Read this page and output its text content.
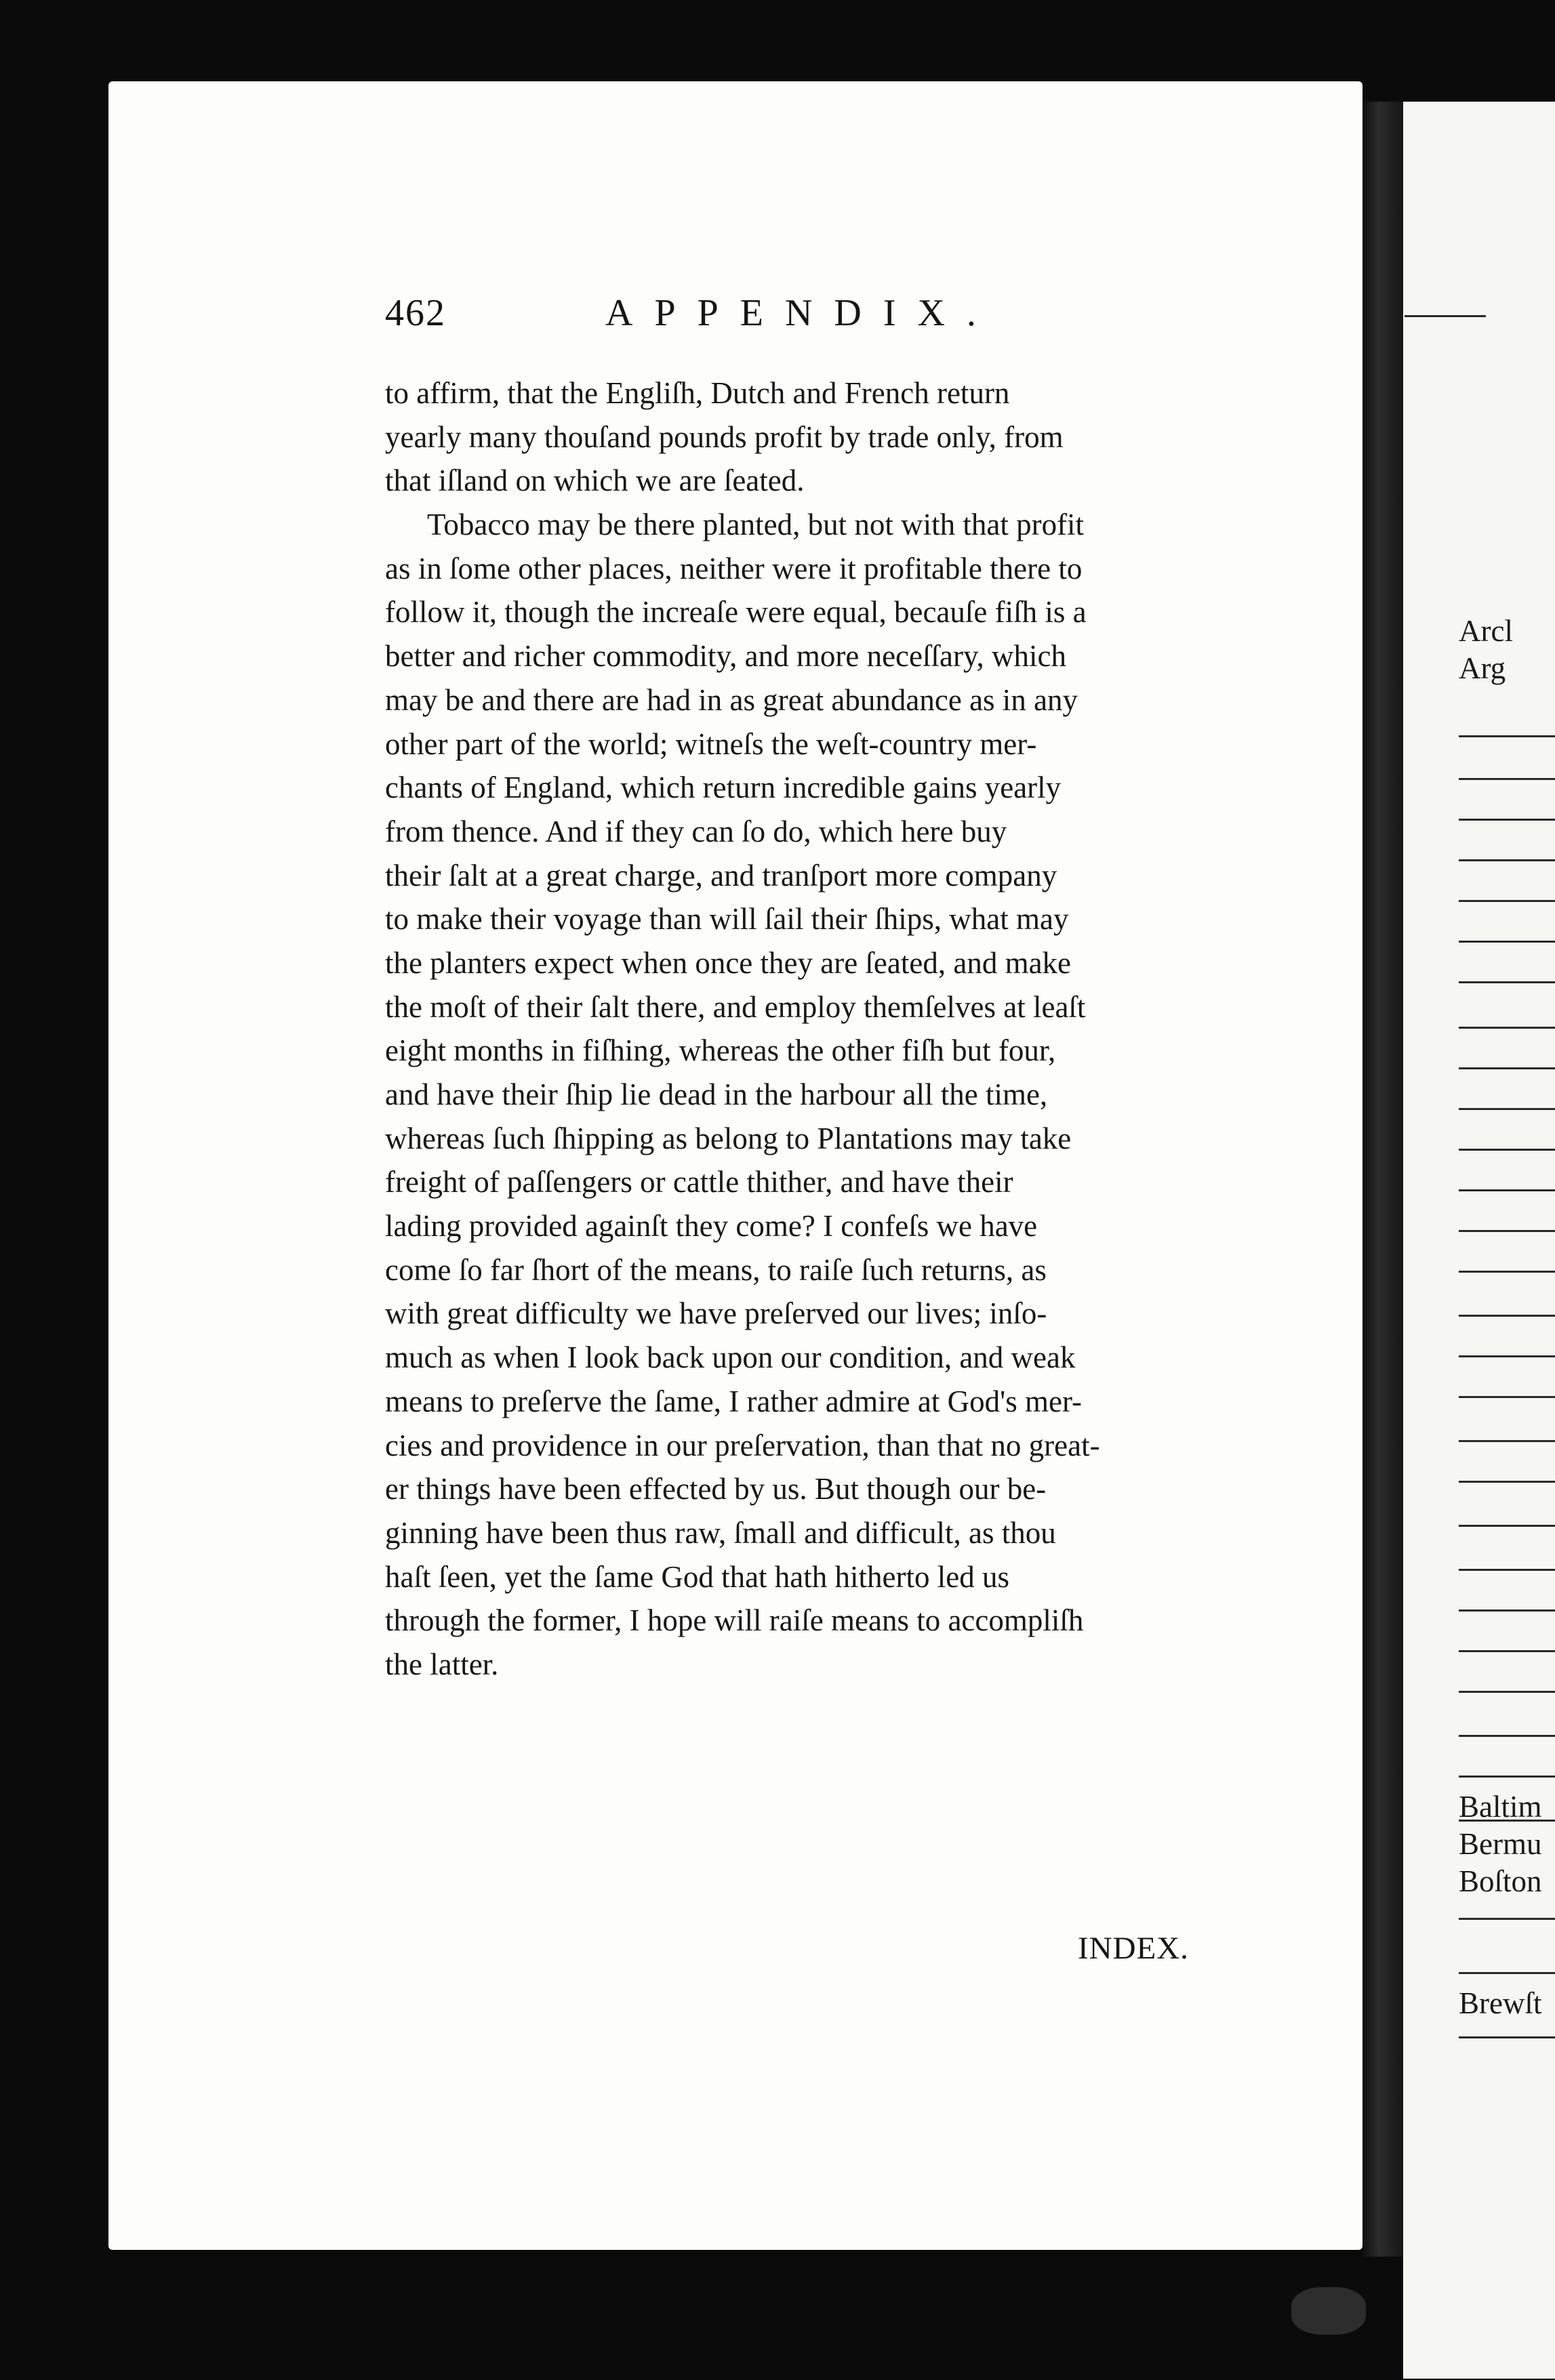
Arcl
Arg
Baltim
Bermu
Boſton
Brewſt
462	APPENDIX.
to affirm, that the Engliſh, Dutch and French return
yearly many thouſand pounds profit by trade only, from
that iſland on which we are ſeated.
Tobacco may be there planted, but not with that profit
as in ſome other places, neither were it profitable there to
follow it, though the increaſe were equal, becauſe fiſh is a
better and richer commodity, and more neceſſary, which
may be and there are had in as great abundance as in any
other part of the world; witneſs the weſt-country mer-
chants of England, which return incredible gains yearly
from thence. And if they can ſo do, which here buy
their ſalt at a great charge, and tranſport more company
to make their voyage than will ſail their ſhips, what may
the planters expect when once they are ſeated, and make
the moſt of their ſalt there, and employ themſelves at leaſt
eight months in fiſhing, whereas the other fiſh but four,
and have their ſhip lie dead in the harbour all the time,
whereas ſuch ſhipping as belong to Plantations may take
freight of paſſengers or cattle thither, and have their
lading provided againſt they come? I confeſs we have
come ſo far ſhort of the means, to raiſe ſuch returns, as
with great difficulty we have preſerved our lives; inſo-
much as when I look back upon our condition, and weak
means to preſerve the ſame, I rather admire at God's mer-
cies and providence in our preſervation, than that no great-
er things have been effected by us. But though our be-
ginning have been thus raw, ſmall and difficult, as thou
haſt ſeen, yet the ſame God that hath hitherto led us
through the former, I hope will raiſe means to accompliſh
the latter.
INDEX.
